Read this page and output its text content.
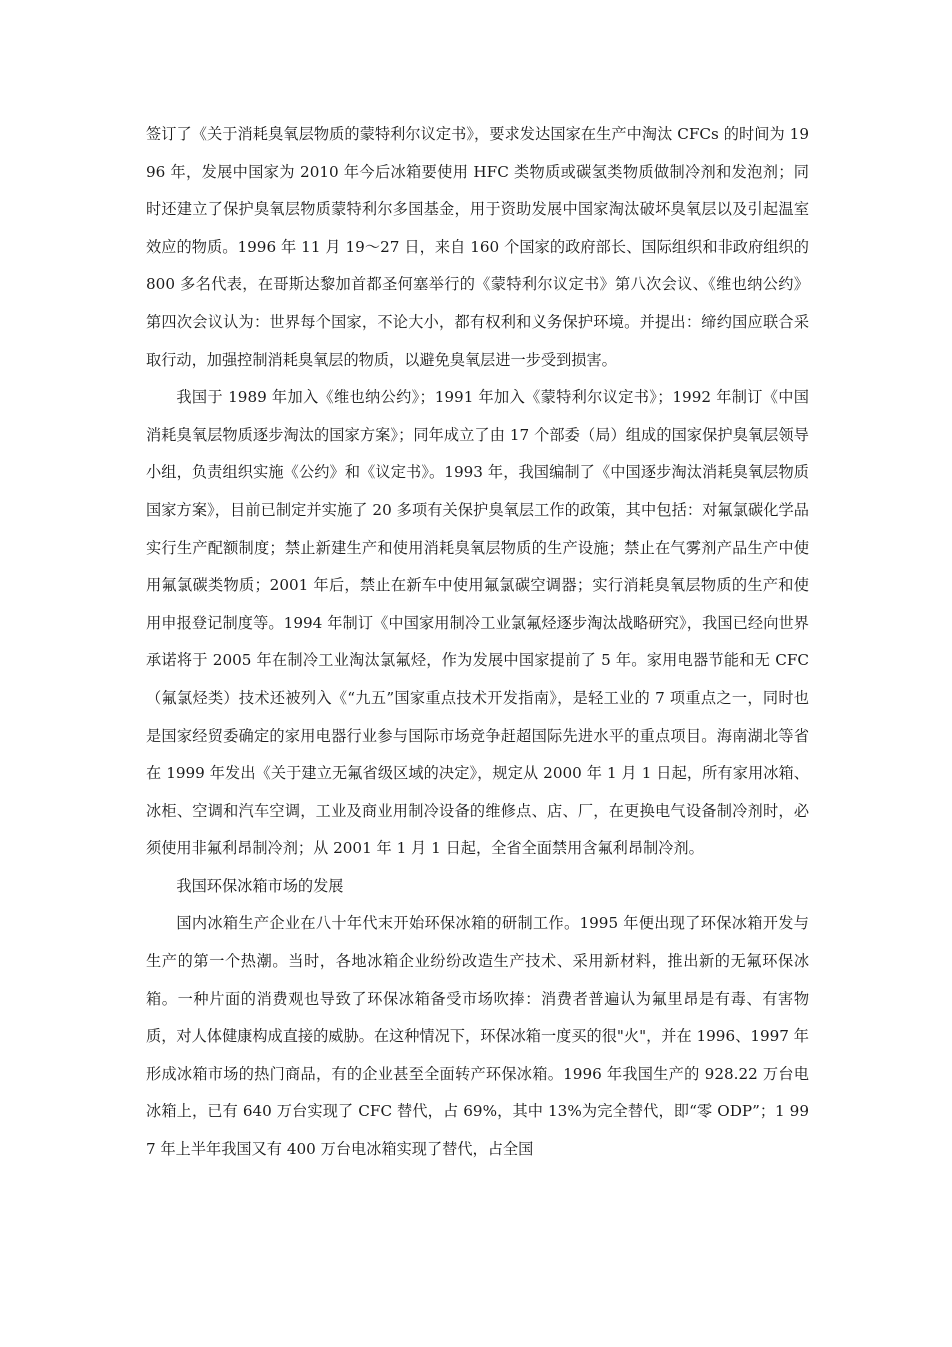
签订了《关于消耗臭氧层物质的蒙特利尔议定书》，要求发达国家在生产中淘汰 CFCs 的时间为 1996 年，发展中国家为 2010 年今后冰箱要使用 HFC 类物质或碳氢类物质做制冷剂和发泡剂；同时还建立了保护臭氧层物质蒙特利尔多国基金，用于资助发展中国家淘汰破坏臭氧层以及引起温室效应的物质。1996 年 11 月 19～27 日，来自 160 个国家的政府部长、国际组织和非政府组织的 800 多名代表，在哥斯达黎加首都圣何塞举行的《蒙特利尔议定书》第八次会议、《维也纳公约》第四次会议认为：世界每个国家，不论大小，都有权利和义务保护环境。并提出：缔约国应联合采取行动，加强控制消耗臭氧层的物质，以避免臭氧层进一步受到损害。

我国于 1989 年加入《维也纳公约》；1991 年加入《蒙特利尔议定书》；1992 年制订《中国消耗臭氧层物质逐步淘汰的国家方案》；同年成立了由 17 个部委（局）组成的国家保护臭氧层领导小组，负责组织实施《公约》和《议定书》。1993 年，我国编制了《中国逐步淘汰消耗臭氧层物质国家方案》，目前已制定并实施了 20 多项有关保护臭氧层工作的政策，其中包括：对氟氯碳化学品实行生产配额制度；禁止新建生产和使用消耗臭氧层物质的生产设施；禁止在气雾剂产品生产中使用氟氯碳类物质；2001 年后，禁止在新车中使用氟氯碳空调器；实行消耗臭氧层物质的生产和使用申报登记制度等。1994 年制订《中国家用制冷工业氯氟烃逐步淘汰战略研究》，我国已经向世界承诺将于 2005 年在制冷工业淘汰氯氟烃，作为发展中国家提前了 5 年。家用电器节能和无 CFC（氟氯烃类）技术还被列入《“九五”国家重点技术开发指南》，是轻工业的 7 项重点之一，同时也是国家经贸委确定的家用电器行业参与国际市场竞争赶超国际先进水平的重点项目。海南湖北等省在 1999 年发出《关于建立无氟省级区域的决定》，规定从 2000 年 1 月 1 日起，所有家用冰箱、冰柜、空调和汽车空调，工业及商业用制冷设备的维修点、店、厂，在更换电气设备制冷剂时，必须使用非氟利昂制冷剂；从 2001 年 1 月 1 日起，全省全面禁用含氟利昂制冷剂。

我国环保冰箱市场的发展

国内冰箱生产企业在八十年代末开始环保冰箱的研制工作。1995 年便出现了环保冰箱开发与生产的第一个热潮。当时，各地冰箱企业纷纷改造生产技术、采用新材料，推出新的无氟环保冰箱。一种片面的消费观也导致了环保冰箱备受市场吹捧：消费者普遍认为氟里昂是有毒、有害物质，对人体健康构成直接的威胁。在这种情况下，环保冰箱一度买的很"火"，并在 1996、1997 年形成冰箱市场的热门商品，有的企业甚至全面转产环保冰箱。1996 年我国生产的 928.22 万台电冰箱上，已有 640 万台实现了 CFC 替代，占 69%，其中 13%为完全替代，即“零 ODP”；1 997 年上半年我国又有 400 万台电冰箱实现了替代，占全国
